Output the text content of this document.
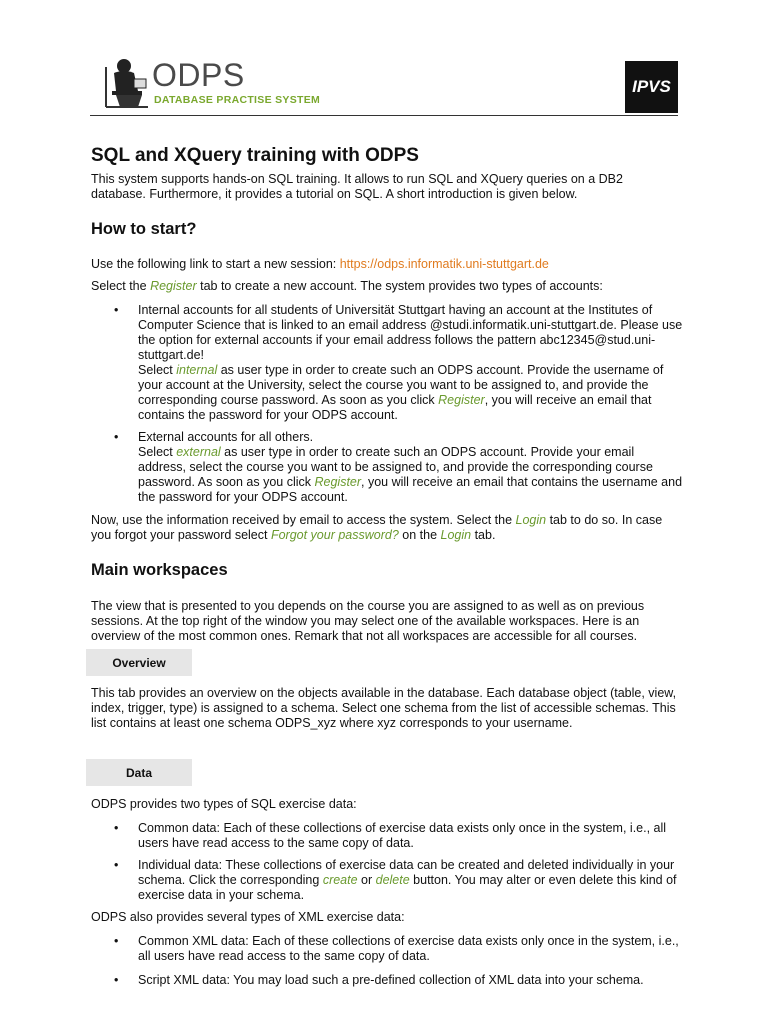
ODPS
DATABASE PRACTISE SYSTEM
IPVS
SQL and XQuery training with ODPS

This system supports hands-on SQL training. It allows to run SQL and XQuery queries on a DB2 database. Furthermore, it provides a tutorial on SQL. A short introduction is given below.

How to start?

Use the following link to start a new session: https://odps.informatik.uni-stuttgart.de

Select the Register tab to create a new account. The system provides two types of accounts:

• Internal accounts for all students of Universität Stuttgart having an account at the Institutes of Computer Science that is linked to an email address @studi.informatik.uni-stuttgart.de. Please use the option for external accounts if your email address follows the pattern abc12345@stud.uni-stuttgart.de!
Select internal as user type in order to create such an ODPS account. Provide the username of your account at the University, select the course you want to be assigned to, and provide the corresponding course password. As soon as you click Register, you will receive an email that contains the password for your ODPS account.
• External accounts for all others.
Select external as user type in order to create such an ODPS account. Provide your email address, select the course you want to be assigned to, and provide the corresponding course password. As soon as you click Register, you will receive an email that contains the username and the password for your ODPS account.

Now, use the information received by email to access the system. Select the Login tab to do so. In case you forgot your password select Forgot your password? on the Login tab.

Main workspaces

The view that is presented to you depends on the course you are assigned to as well as on previous sessions. At the top right of the window you may select one of the available workspaces. Here is an overview of the most common ones. Remark that not all workspaces are accessible for all courses.

Overview

This tab provides an overview on the objects available in the database. Each database object (table, view, index, trigger, type) is assigned to a schema. Select one schema from the list of accessible schemas. This list contains at least one schema ODPS_xyz where xyz corresponds to your username.

Data

ODPS provides two types of SQL exercise data:

• Common data: Each of these collections of exercise data exists only once in the system, i.e., all users have read access to the same copy of data.
• Individual data: These collections of exercise data can be created and deleted individually in your schema. Click the corresponding create or delete button. You may alter or even delete this kind of exercise data in your schema.

ODPS also provides several types of XML exercise data:

• Common XML data: Each of these collections of exercise data exists only once in the system, i.e., all users have read access to the same copy of data.
• Script XML data: You may load such a pre-defined collection of XML data into your schema.
